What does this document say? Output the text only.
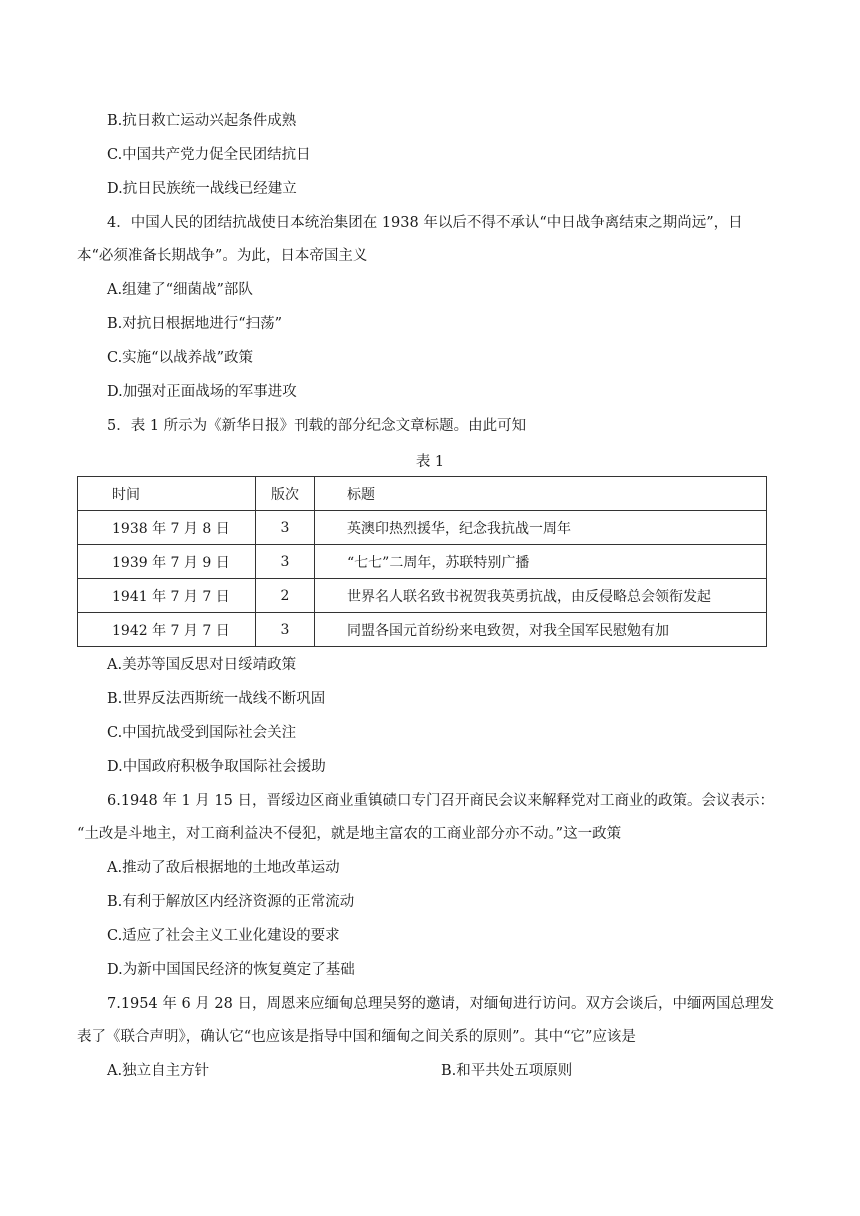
B.抗日救亡运动兴起条件成熟
C.中国共产党力促全民团结抗日
D.抗日民族统一战线已经建立
4．中国人民的团结抗战使日本统治集团在 1938 年以后不得不承认“中日战争离结束之期尚远”，日
本“必须准备长期战争”。为此，日本帝国主义
A.组建了“细菌战”部队
B.对抗日根据地进行“扫荡”
C.实施“以战养战”政策
D.加强对正面战场的军事进攻
5．表 1 所示为《新华日报》刊载的部分纪念文章标题。由此可知
表 1
时间	版次	标题
1938 年 7 月 8 日	3	英澳印热烈援华，纪念我抗战一周年
1939 年 7 月 9 日	3	“七七”二周年，苏联特别广播
1941 年 7 月 7 日	2	世界名人联名致书祝贺我英勇抗战，由反侵略总会领衔发起
1942 年 7 月 7 日	3	同盟各国元首纷纷来电致贺，对我全国军民慰勉有加
A.美苏等国反思对日绥靖政策
B.世界反法西斯统一战线不断巩固
C.中国抗战受到国际社会关注
D.中国政府积极争取国际社会援助
6.1948 年 1 月 15 日，晋绥边区商业重镇碛口专门召开商民会议来解释党对工商业的政策。会议表示：
“土改是斗地主，对工商利益决不侵犯，就是地主富农的工商业部分亦不动。”这一政策
A.推动了敌后根据地的土地改革运动
B.有利于解放区内经济资源的正常流动
C.适应了社会主义工业化建设的要求
D.为新中国国民经济的恢复奠定了基础
7.1954 年 6 月 28 日，周恩来应缅甸总理吴努的邀请，对缅甸进行访问。双方会谈后，中缅两国总理发
表了《联合声明》，确认它“也应该是指导中国和缅甸之间关系的原则”。其中“它”应该是
A.独立自主方针	B.和平共处五项原则
